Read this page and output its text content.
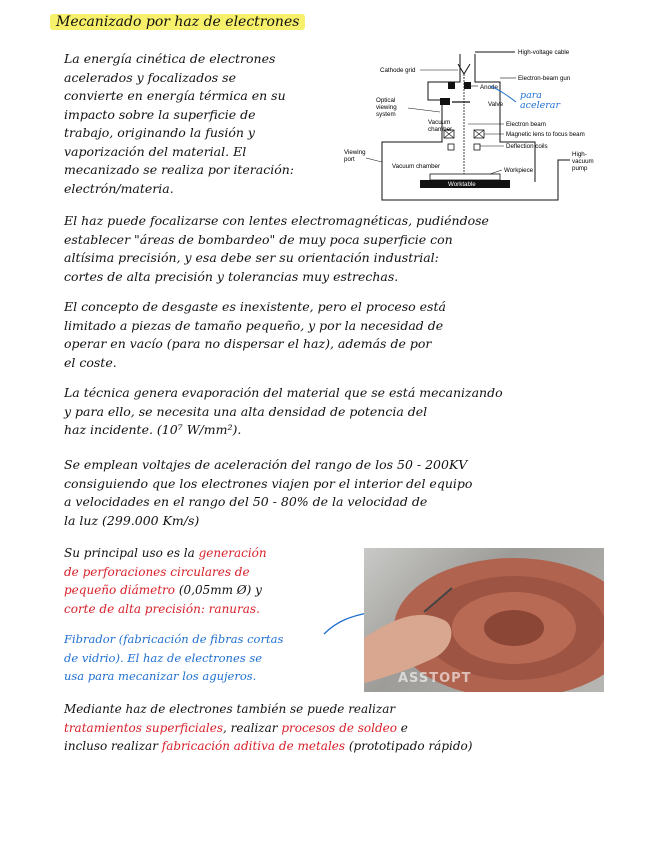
Mecanizado por haz de electrones
La energía cinética de electrones
acelerados y focalizados se
convierte en energía térmica en su
impacto sobre la superficie de
trabajo, originando la fusión y
vaporización del material. El
mecanizado se realiza por iteración:
electrón/materia.
High-voltage cable
Cathode grid
Anode
Electron-beam gun
Optical viewing system
Valve
Vacuum chamber
Electron beam
Magnetic lens to focus beam
Deflection coils
Viewing port
Vacuum chamber
Workpiece
Worktable
High- vacuum pump
para acelerar
El haz puede focalizarse con lentes electromagnéticas, pudiéndose
establecer "áreas de bombardeo" de muy poca superficie con
altísima precisión, y esa debe ser su orientación industrial:
cortes de alta precisión y tolerancias muy estrechas.
El concepto de desgaste es inexistente, pero el proceso está
limitado a piezas de tamaño pequeño, y por la necesidad de
operar en vacío (para no dispersar el haz), además de por
el coste.
La técnica genera evaporación del material que se está mecanizando
y para ello, se necesita una alta densidad de potencia del
haz incidente. (10⁷ W/mm²).
Se emplean voltajes de aceleración del rango de los 50 - 200KV
consiguiendo que los electrones viajen por el interior del equipo
a velocidades en el rango del 50 - 80% de la velocidad de
la luz (299.000 Km/s)
Su principal uso es la generación
de perforaciones circulares de
pequeño diámetro (0,05mm Ø) y
corte de alta precisión: ranuras.
Fibrador (fabricación de fibras cortas
de vidrio). El haz de electrones se
usa para mecanizar los agujeros.	ASSTOPT
Mediante haz de electrones también se puede realizar
tratamientos superficiales, realizar procesos de soldeo e
incluso realizar fabricación aditiva de metales (prototipado rápido)
